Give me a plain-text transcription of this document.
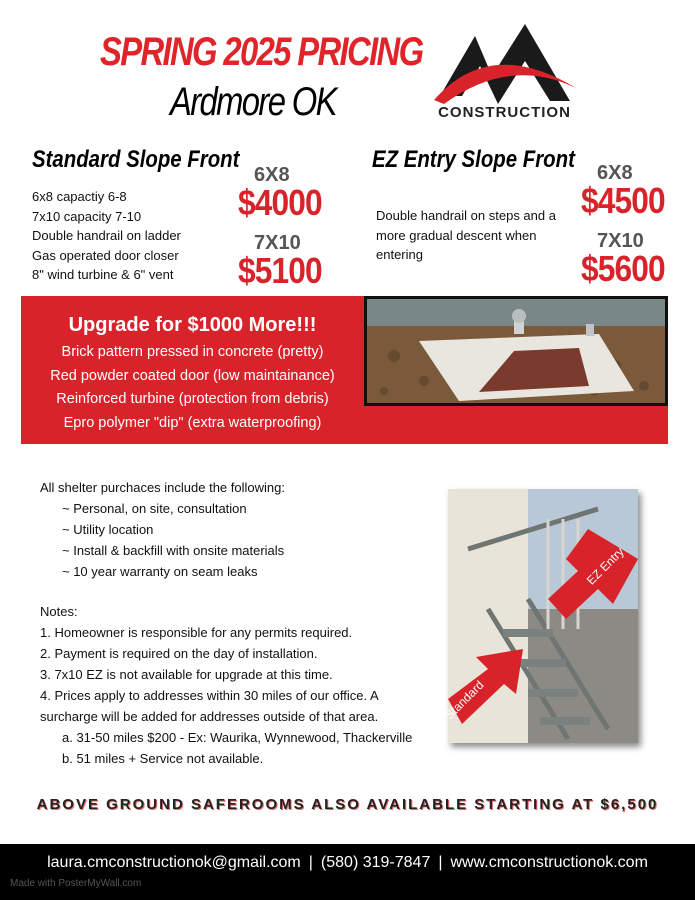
SPRING 2025 PRICING
Ardmore OK	CONSTRUCTION
Standard Slope Front
6x8 capactiy 6-8
7x10 capacity 7-10
Double handrail on ladder
Gas operated door closer
8" wind turbine & 6" vent
6X8
$4000
7X10
$5100
EZ Entry Slope Front
Double handrail on steps and a more gradual descent when entering
6X8
$4500
7X10
$5600
Upgrade for $1000 More!!!
Brick pattern pressed in concrete (pretty)
Red powder coated door (low maintainance)
Reinforced turbine (protection from debris)
Epro polymer "dip" (extra waterproofing)
All shelter purchaces include the following:
~ Personal, on site, consultation
~ Utility location
~ Install & backfill with onsite materials
~ 10 year warranty on seam leaks
Notes:
1. Homeowner is responsible for any permits required.
2. Payment is required on the day of installation.
3. 7x10 EZ is not available for upgrade at this time.
4. Prices apply to addresses within 30 miles of our office. A surcharge will be added for addresses outside of that area.
a. 31-50 miles $200 - Ex: Waurika, Wynnewood, Thackerville
b. 51 miles + Service not available.
EZ Entry
Standard
ABOVE GROUND SAFEROOMS ALSO AVAILABLE STARTING AT $6,500
laura.cmconstructionok@gmail.com | (580) 319-7847 | www.cmconstructionok.com
Made with PosterMyWall.com
